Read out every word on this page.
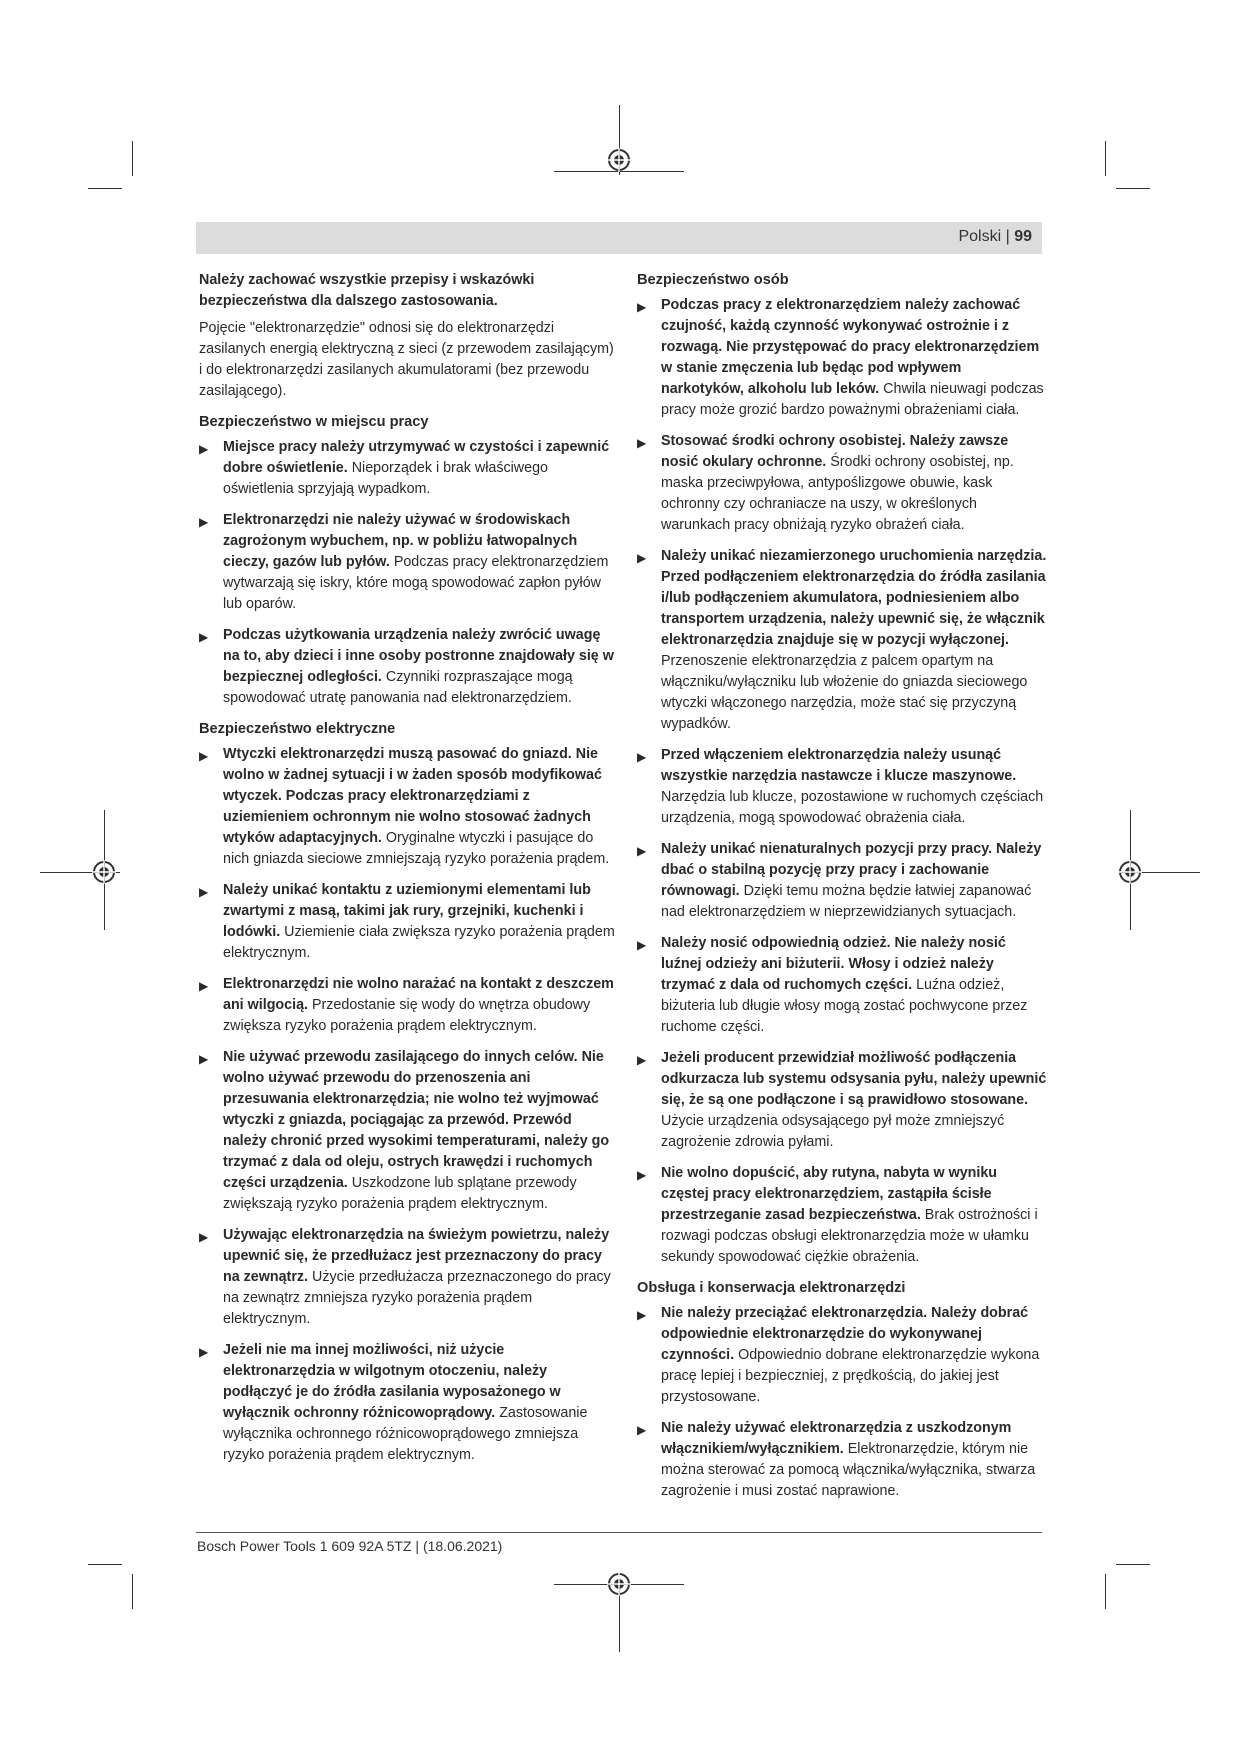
Polski | 99

Należy zachować wszystkie przepisy i wskazówki bezpieczeństwa dla dalszego zastosowania.

Pojęcie "elektronarzędzie" odnosi się do elektronarzędzi zasilanych energią elektryczną z sieci (z przewodem zasilającym) i do elektronarzędzi zasilanych akumulatorami (bez przewodu zasilającego).

Bezpieczeństwo w miejscu pracy
▶	Miejsce pracy należy utrzymywać w czystości i zapewnić dobre oświetlenie. Nieporządek i brak właściwego oświetlenia sprzyjają wypadkom.
▶	Elektronarzędzi nie należy używać w środowiskach zagrożonym wybuchem, np. w pobliżu łatwopalnych cieczy, gazów lub pyłów. Podczas pracy elektronarzędziem wytwarzają się iskry, które mogą spowodować zapłon pyłów lub oparów.
▶	Podczas użytkowania urządzenia należy zwrócić uwagę na to, aby dzieci i inne osoby postronne znajdowały się w bezpiecznej odległości. Czynniki rozpraszające mogą spowodować utratę panowania nad elektronarzędziem.
Bezpieczeństwo elektryczne
▶	Wtyczki elektronarzędzi muszą pasować do gniazd. Nie wolno w żadnej sytuacji i w żaden sposób modyfikować wtyczek. Podczas pracy elektronarzędziami z uziemieniem ochronnym nie wolno stosować żadnych wtyków adaptacyjnych. Oryginalne wtyczki i pasujące do nich gniazda sieciowe zmniejszają ryzyko porażenia prądem.
▶	Należy unikać kontaktu z uziemionymi elementami lub zwartymi z masą, takimi jak rury, grzejniki, kuchenki i lodówki. Uziemienie ciała zwiększa ryzyko porażenia prądem elektrycznym.
▶	Elektronarzędzi nie wolno narażać na kontakt z deszczem ani wilgocią. Przedostanie się wody do wnętrza obudowy zwiększa ryzyko porażenia prądem elektrycznym.
▶	Nie używać przewodu zasilającego do innych celów. Nie wolno używać przewodu do przenoszenia ani przesuwania elektronarzędzia; nie wolno też wyjmować wtyczki z gniazda, pociągając za przewód. Przewód należy chronić przed wysokimi temperaturami, należy go trzymać z dala od oleju, ostrych krawędzi i ruchomych części urządzenia. Uszkodzone lub splątane przewody zwiększają ryzyko porażenia prądem elektrycznym.
▶	Używając elektronarzędzia na świeżym powietrzu, należy upewnić się, że przedłużacz jest przeznaczony do pracy na zewnątrz. Użycie przedłużacza przeznaczonego do pracy na zewnątrz zmniejsza ryzyko porażenia prądem elektrycznym.
▶	Jeżeli nie ma innej możliwości, niż użycie elektronarzędzia w wilgotnym otoczeniu, należy podłączyć je do źródła zasilania wyposażonego w wyłącznik ochronny różnicowoprądowy. Zastosowanie wyłącznika ochronnego różnicowoprądowego zmniejsza ryzyko porażenia prądem elektrycznym.
Bezpieczeństwo osób
▶	Podczas pracy z elektronarzędziem należy zachować czujność, każdą czynność wykonywać ostrożnie i z rozwagą. Nie przystępować do pracy elektronarzędziem w stanie zmęczenia lub będąc pod wpływem narkotyków, alkoholu lub leków. Chwila nieuwagi podczas pracy może grozić bardzo poważnymi obrażeniami ciała.
▶	Stosować środki ochrony osobistej. Należy zawsze nosić okulary ochronne. Środki ochrony osobistej, np. maska przeciwpyłowa, antypoślizgowe obuwie, kask ochronny czy ochraniacze na uszy, w określonych warunkach pracy obniżają ryzyko obrażeń ciała.
▶	Należy unikać niezamierzonego uruchomienia narzędzia. Przed podłączeniem elektronarzędzia do źródła zasilania i/lub podłączeniem akumulatora, podniesieniem albo transportem urządzenia, należy upewnić się, że włącznik elektronarzędzia znajduje się w pozycji wyłączonej. Przenoszenie elektronarzędzia z palcem opartym na włączniku/wyłączniku lub włożenie do gniazda sieciowego wtyczki włączonego narzędzia, może stać się przyczyną wypadków.
▶	Przed włączeniem elektronarzędzia należy usunąć wszystkie narzędzia nastawcze i klucze maszynowe. Narzędzia lub klucze, pozostawione w ruchomych częściach urządzenia, mogą spowodować obrażenia ciała.
▶	Należy unikać nienaturalnych pozycji przy pracy. Należy dbać o stabilną pozycję przy pracy i zachowanie równowagi. Dzięki temu można będzie łatwiej zapanować nad elektronarzędziem w nieprzewidzianych sytuacjach.
▶	Należy nosić odpowiednią odzież. Nie należy nosić luźnej odzieży ani biżuterii. Włosy i odzież należy trzymać z dala od ruchomych części. Luźna odzież, biżuteria lub długie włosy mogą zostać pochwycone przez ruchome części.
▶	Jeżeli producent przewidział możliwość podłączenia odkurzacza lub systemu odsysania pyłu, należy upewnić się, że są one podłączone i są prawidłowo stosowane. Użycie urządzenia odsysającego pył może zmniejszyć zagrożenie zdrowia pyłami.
▶	Nie wolno dopuścić, aby rutyna, nabyta w wyniku częstej pracy elektronarzędziem, zastąpiła ścisłe przestrzeganie zasad bezpieczeństwa. Brak ostrożności i rozwagi podczas obsługi elektronarzędzia może w ułamku sekundy spowodować ciężkie obrażenia.
Obsługa i konserwacja elektronarzędzi
▶	Nie należy przeciążać elektronarzędzia. Należy dobrać odpowiednie elektronarzędzie do wykonywanej czynności. Odpowiednio dobrane elektronarzędzie wykona pracę lepiej i bezpieczniej, z prędkością, do jakiej jest przystosowane.
▶	Nie należy używać elektronarzędzia z uszkodzonym włącznikiem/wyłącznikiem. Elektronarzędzie, którym nie można sterować za pomocą włącznika/wyłącznika, stwarza zagrożenie i musi zostać naprawione.
Bosch Power Tools 1 609 92A 5TZ | (18.06.2021)
